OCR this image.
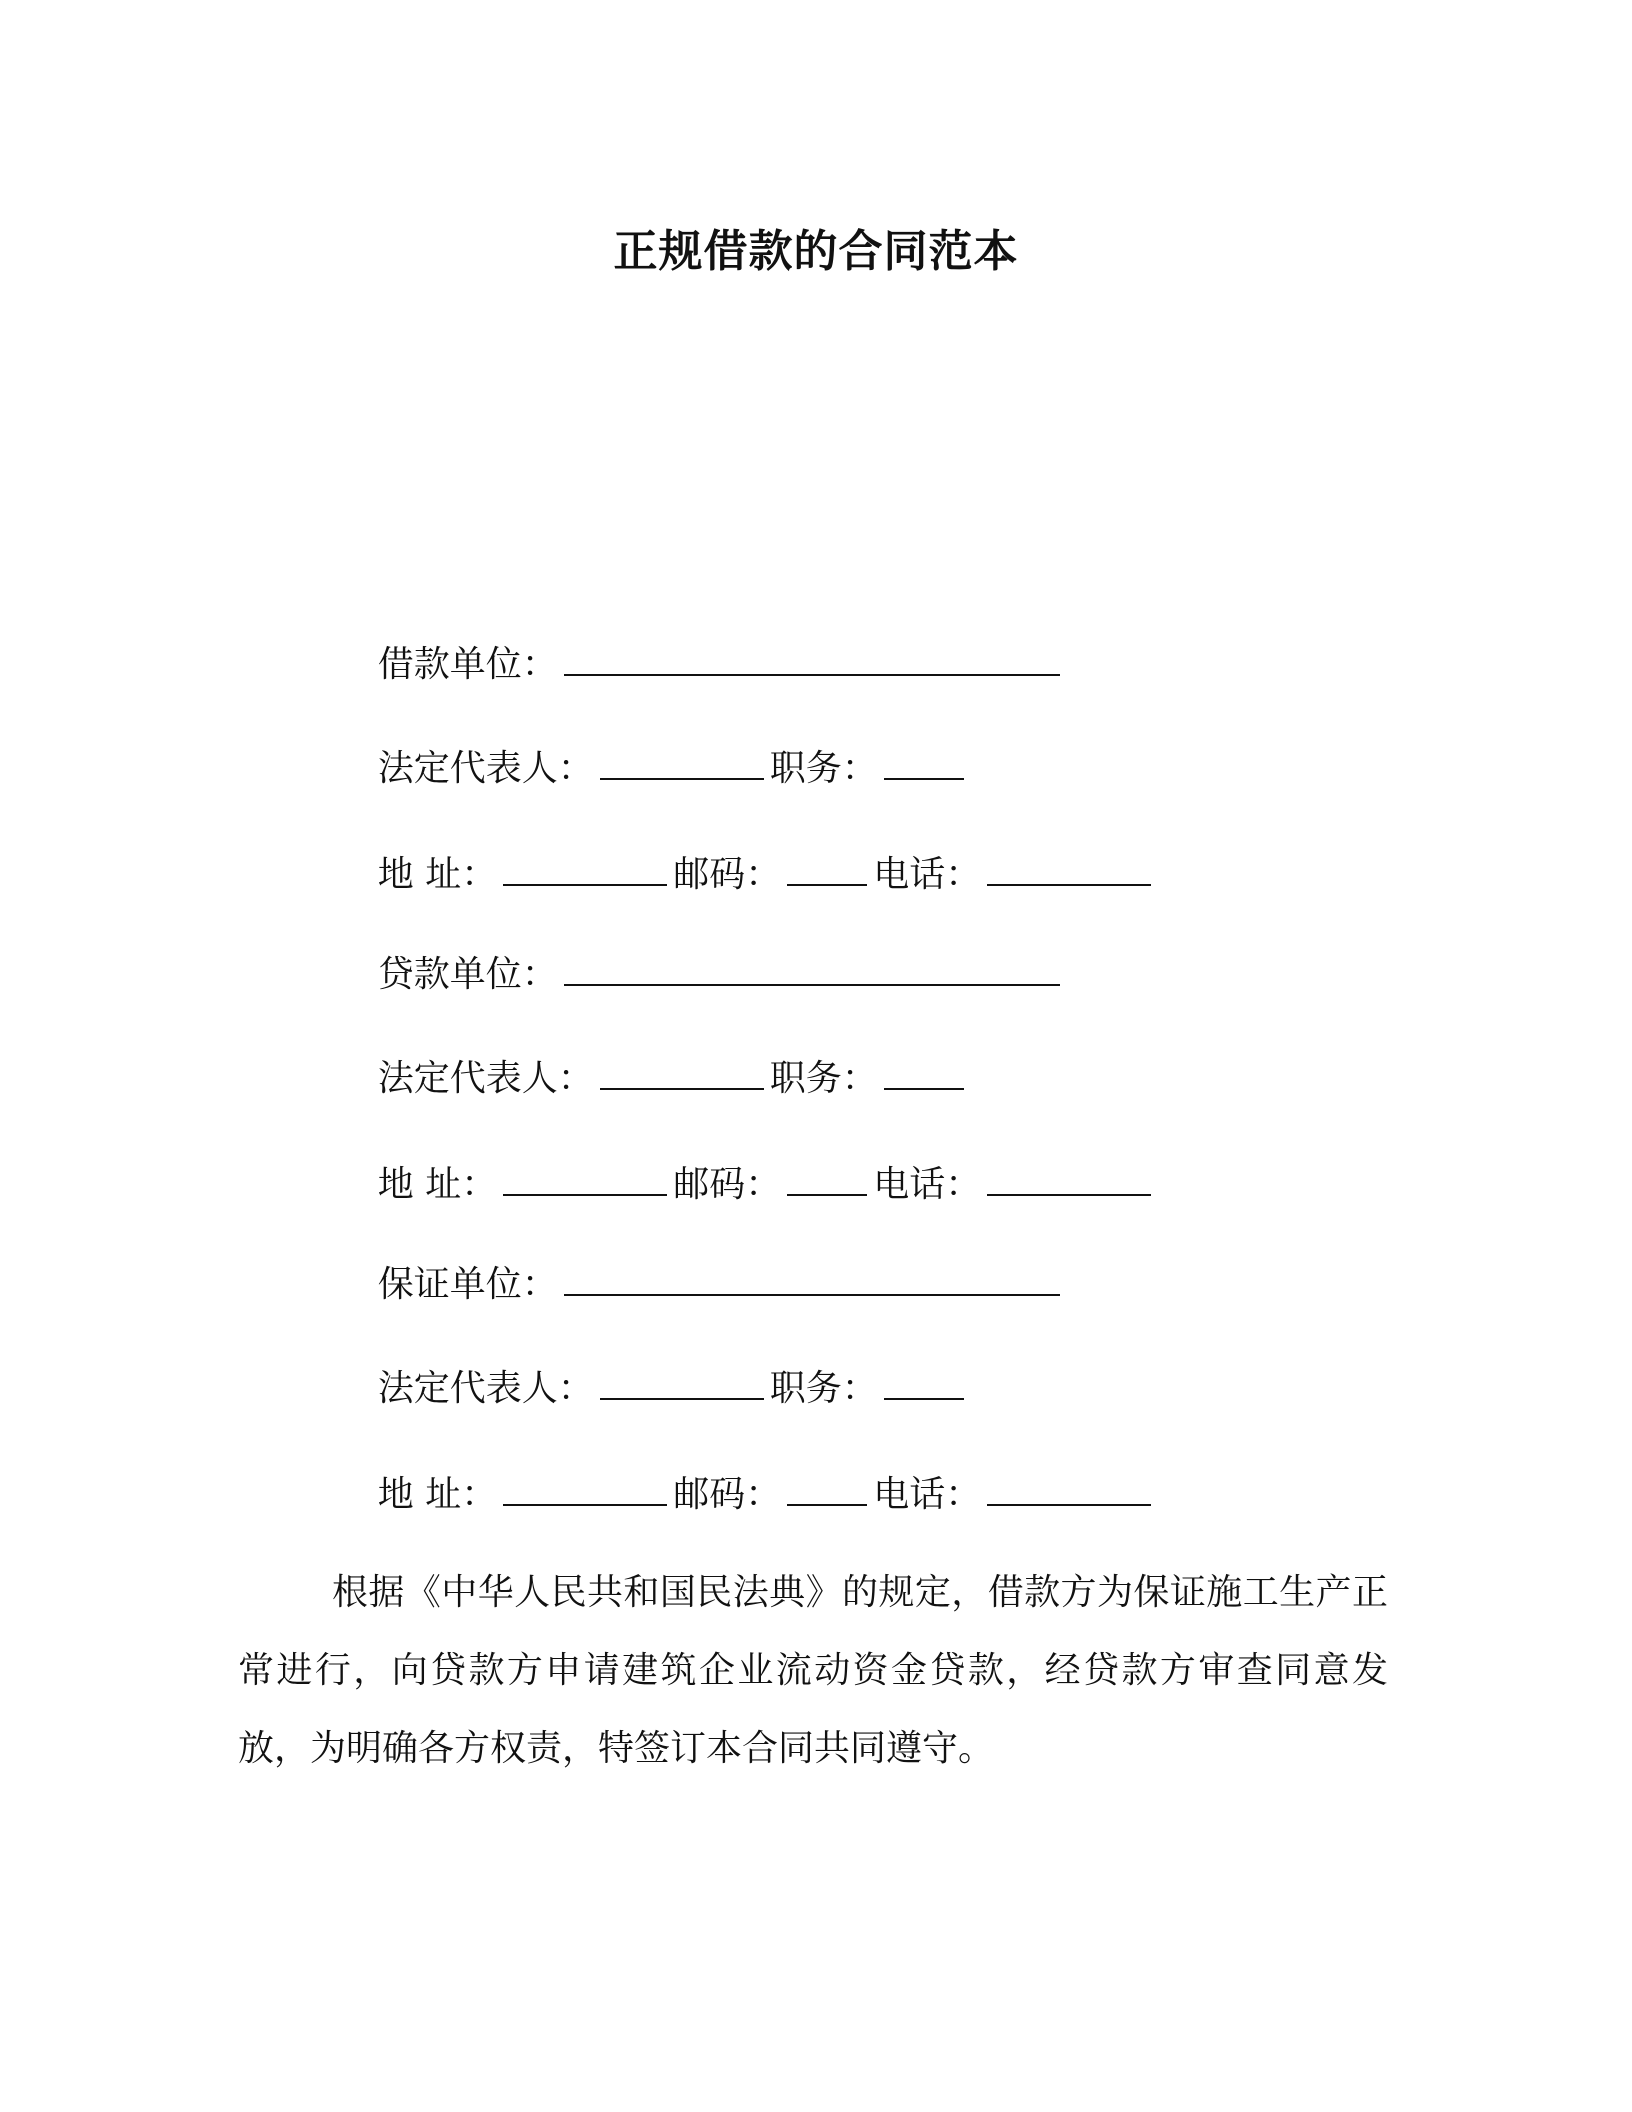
正规借款的合同范本

借款单位：

法定代表人：	职务：

地 址：	邮码：	电话：

贷款单位：

法定代表人：	职务：

地 址：	邮码：	电话：

保证单位：

法定代表人：	职务：

地 址：	邮码：	电话：

根据《中华人民共和国民法典》的规定，借款方为保证施工生产正常进行，向贷款方申请建筑企业流动资金贷款，经贷款方审查同意发放，为明确各方权责，特签订本合同共同遵守。
